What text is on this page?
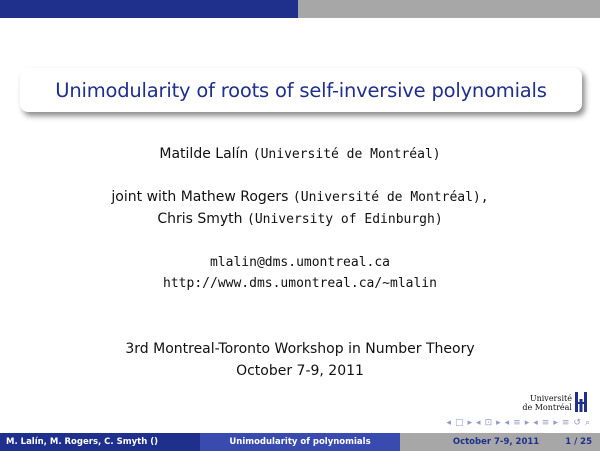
Unimodularity of roots of self-inversive polynomials
Matilde Lalín (Université de Montréal)
joint with Mathew Rogers (Université de Montréal),
Chris Smyth (University of Edinburgh)
mlalin@dms.umontreal.ca
http://www.dms.umontreal.ca/~mlalin
3rd Montreal-Toronto Workshop in Number Theory
October 7-9, 2011
Université
de Montréal
◂ □ ▸ ◂ ⊡ ▸ ◂ ≡ ▸ ◂ ≡ ▸ ≡ ↺ ⌕
M. Lalín, M. Rogers, C. Smyth ()	Unimodularity of polynomials	October 7-9, 2011	1 / 25
